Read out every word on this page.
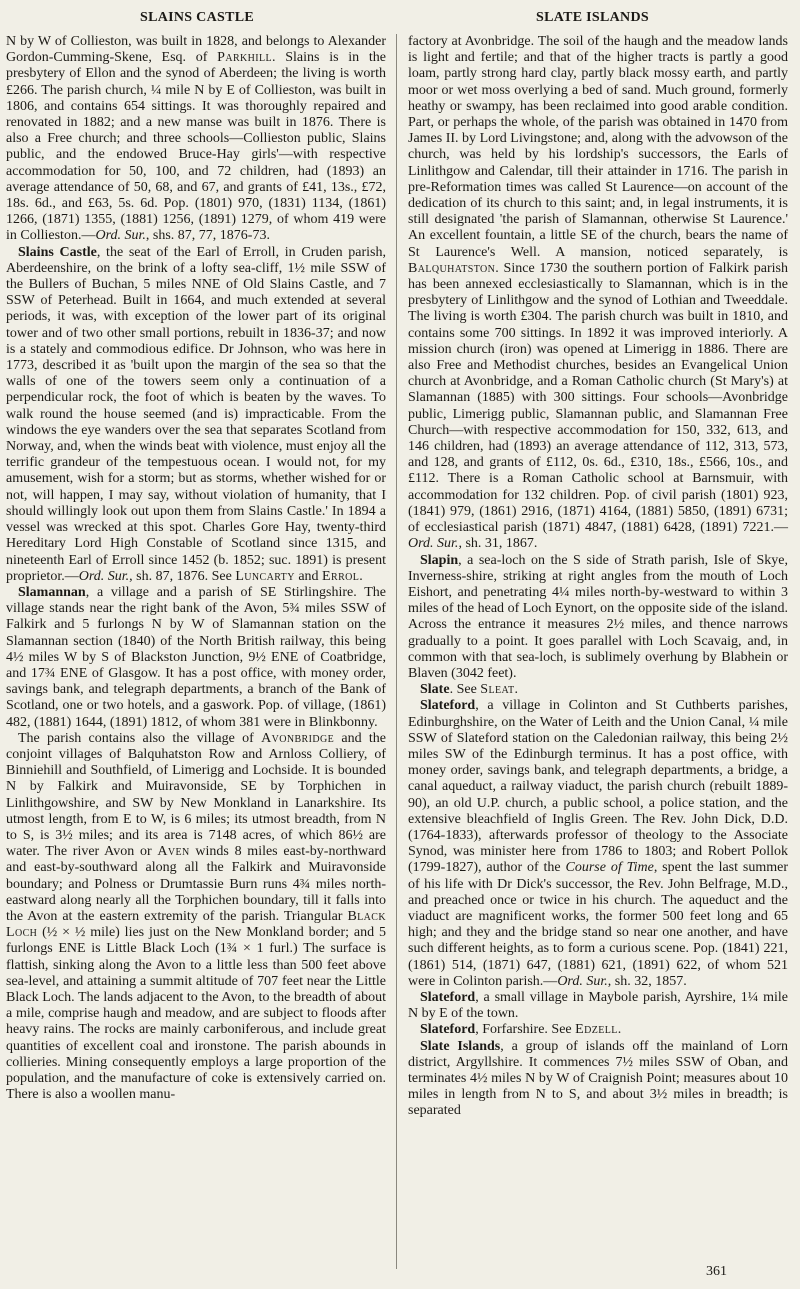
SLAINS CASTLE	SLATE ISLANDS

N by W of Collieston, was built in 1828, and belongs to Alexander Gordon-Cumming-Skene, Esq. of Parkhill. Slains is in the presbytery of Ellon and the synod of Aberdeen; the living is worth £266. The parish church, ¼ mile N by E of Collieston, was built in 1806, and contains 654 sittings. It was thoroughly repaired and renovated in 1882; and a new manse was built in 1876. There is also a Free church; and three schools—Collieston public, Slains public, and the endowed Bruce-Hay girls'—with respective accommodation for 50, 100, and 72 children, had (1893) an average attendance of 50, 68, and 67, and grants of £41, 13s., £72, 18s. 6d., and £63, 5s. 6d. Pop. (1801) 970, (1831) 1134, (1861) 1266, (1871) 1355, (1881) 1256, (1891) 1279, of whom 419 were in Collieston.—Ord. Sur., shs. 87, 77, 1876-73.

Slains Castle, the seat of the Earl of Erroll, in Cruden parish, Aberdeenshire, on the brink of a lofty sea-cliff, 1½ mile SSW of the Bullers of Buchan, 5 miles NNE of Old Slains Castle, and 7 SSW of Peterhead. Built in 1664, and much extended at several periods, it was, with exception of the lower part of its original tower and of two other small portions, rebuilt in 1836-37; and now is a stately and commodious edifice. Dr Johnson, who was here in 1773, described it as 'built upon the margin of the sea so that the walls of one of the towers seem only a continuation of a perpendicular rock, the foot of which is beaten by the waves. To walk round the house seemed (and is) impracticable. From the windows the eye wanders over the sea that separates Scotland from Norway, and, when the winds beat with violence, must enjoy all the terrific grandeur of the tempestuous ocean. I would not, for my amusement, wish for a storm; but as storms, whether wished for or not, will happen, I may say, without violation of humanity, that I should willingly look out upon them from Slains Castle.' In 1894 a vessel was wrecked at this spot. Charles Gore Hay, twenty-third Hereditary Lord High Constable of Scotland since 1315, and nineteenth Earl of Erroll since 1452 (b. 1852; suc. 1891) is present proprietor.—Ord. Sur., sh. 87, 1876. See Luncarty and Errol.

Slamannan, a village and a parish of SE Stirlingshire. The village stands near the right bank of the Avon, 5¾ miles SSW of Falkirk and 5 furlongs N by W of Slamannan station on the Slamannan section (1840) of the North British railway, this being 4½ miles W by S of Blackston Junction, 9½ ENE of Coatbridge, and 17¾ ENE of Glasgow. It has a post office, with money order, savings bank, and telegraph departments, a branch of the Bank of Scotland, one or two hotels, and a gaswork. Pop. of village, (1861) 482, (1881) 1644, (1891) 1812, of whom 381 were in Blinkbonny.

The parish contains also the village of Avonbridge and the conjoint villages of Balquhatston Row and Arnloss Colliery, of Binniehill and Southfield, of Limerigg and Lochside. It is bounded N by Falkirk and Muiravonside, SE by Torphichen in Linlithgowshire, and SW by New Monkland in Lanarkshire. Its utmost length, from E to W, is 6 miles; its utmost breadth, from N to S, is 3½ miles; and its area is 7148 acres, of which 86½ are water. The river Avon or Aven winds 8 miles east-by-northward and east-by-southward along all the Falkirk and Muiravonside boundary; and Polness or Drumtassie Burn runs 4¾ miles north-eastward along nearly all the Torphichen boundary, till it falls into the Avon at the eastern extremity of the parish. Triangular Black Loch (½ × ½ mile) lies just on the New Monkland border; and 5 furlongs ENE is Little Black Loch (1¾ × 1 furl.) The surface is flattish, sinking along the Avon to a little less than 500 feet above sea-level, and attaining a summit altitude of 707 feet near the Little Black Loch. The lands adjacent to the Avon, to the breadth of about a mile, comprise haugh and meadow, and are subject to floods after heavy rains. The rocks are mainly carboniferous, and include great quantities of excellent coal and ironstone. The parish abounds in collieries. Mining consequently employs a large proportion of the population, and the manufacture of coke is extensively carried on. There is also a woollen manu-

factory at Avonbridge. The soil of the haugh and the meadow lands is light and fertile; and that of the higher tracts is partly a good loam, partly strong hard clay, partly black mossy earth, and partly moor or wet moss overlying a bed of sand. Much ground, formerly heathy or swampy, has been reclaimed into good arable condition. Part, or perhaps the whole, of the parish was obtained in 1470 from James II. by Lord Livingstone; and, along with the advowson of the church, was held by his lordship's successors, the Earls of Linlithgow and Calendar, till their attainder in 1716. The parish in pre-Reformation times was called St Laurence—on account of the dedication of its church to this saint; and, in legal instruments, it is still designated 'the parish of Slamannan, otherwise St Laurence.' An excellent fountain, a little SE of the church, bears the name of St Laurence's Well. A mansion, noticed separately, is Balquhatston. Since 1730 the southern portion of Falkirk parish has been annexed ecclesiastically to Slamannan, which is in the presbytery of Linlithgow and the synod of Lothian and Tweeddale. The living is worth £304. The parish church was built in 1810, and contains some 700 sittings. In 1892 it was improved interiorly. A mission church (iron) was opened at Limerigg in 1886. There are also Free and Methodist churches, besides an Evangelical Union church at Avonbridge, and a Roman Catholic church (St Mary's) at Slamannan (1885) with 300 sittings. Four schools—Avonbridge public, Limerigg public, Slamannan public, and Slamannan Free Church—with respective accommodation for 150, 332, 613, and 146 children, had (1893) an average attendance of 112, 313, 573, and 128, and grants of £112, 0s. 6d., £310, 18s., £566, 10s., and £112. There is a Roman Catholic school at Barnsmuir, with accommodation for 132 children. Pop. of civil parish (1801) 923, (1841) 979, (1861) 2916, (1871) 4164, (1881) 5850, (1891) 6731; of ecclesiastical parish (1871) 4847, (1881) 6428, (1891) 7221.—Ord. Sur., sh. 31, 1867.

Slapin, a sea-loch on the S side of Strath parish, Isle of Skye, Inverness-shire, striking at right angles from the mouth of Loch Eishort, and penetrating 4¼ miles north-by-westward to within 3 miles of the head of Loch Eynort, on the opposite side of the island. Across the entrance it measures 2½ miles, and thence narrows gradually to a point. It goes parallel with Loch Scavaig, and, in common with that sea-loch, is sublimely overhung by Blabhein or Blaven (3042 feet).

Slate. See Sleat.

Slateford, a village in Colinton and St Cuthberts parishes, Edinburghshire, on the Water of Leith and the Union Canal, ¼ mile SSW of Slateford station on the Caledonian railway, this being 2½ miles SW of the Edinburgh terminus. It has a post office, with money order, savings bank, and telegraph departments, a bridge, a canal aqueduct, a railway viaduct, the parish church (rebuilt 1889-90), an old U.P. church, a public school, a police station, and the extensive bleachfield of Inglis Green. The Rev. John Dick, D.D. (1764-1833), afterwards professor of theology to the Associate Synod, was minister here from 1786 to 1803; and Robert Pollok (1799-1827), author of the Course of Time, spent the last summer of his life with Dr Dick's successor, the Rev. John Belfrage, M.D., and preached once or twice in his church. The aqueduct and the viaduct are magnificent works, the former 500 feet long and 65 high; and they and the bridge stand so near one another, and have such different heights, as to form a curious scene. Pop. (1841) 221, (1861) 514, (1871) 647, (1881) 621, (1891) 622, of whom 521 were in Colinton parish.—Ord. Sur., sh. 32, 1857.

Slateford, a small village in Maybole parish, Ayrshire, 1¼ mile N by E of the town.

Slateford, Forfarshire. See Edzell.

Slate Islands, a group of islands off the mainland of Lorn district, Argyllshire. It commences 7½ miles SSW of Oban, and terminates 4½ miles N by W of Craignish Point; measures about 10 miles in length from N to S, and about 3½ miles in breadth; is separated

361
